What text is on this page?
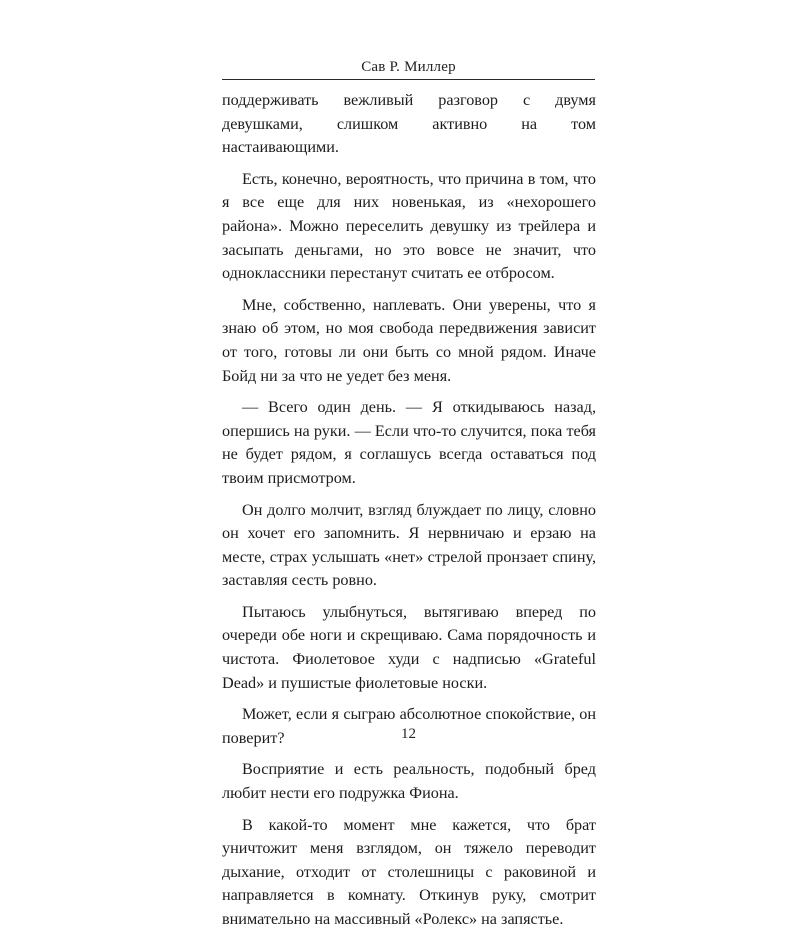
Сав Р. Миллер

поддерживать вежливый разговор с двумя девушками, слишком активно на том настаивающими.

Есть, конечно, вероятность, что причина в том, что я все еще для них новенькая, из «нехорошего района». Можно переселить девушку из трейлера и засыпать деньгами, но это вовсе не значит, что одноклассники перестанут считать ее отбросом.

Мне, собственно, наплевать. Они уверены, что я знаю об этом, но моя свобода передвижения зависит от того, готовы ли они быть со мной рядом. Иначе Бойд ни за что не уедет без меня.

— Всего один день. — Я откидываюсь назад, опершись на руки. — Если что-то случится, пока тебя не будет рядом, я соглашусь всегда оставаться под твоим присмотром.

Он долго молчит, взгляд блуждает по лицу, словно он хочет его запомнить. Я нервничаю и ерзаю на месте, страх услышать «нет» стрелой пронзает спину, заставляя сесть ровно.

Пытаюсь улыбнуться, вытягиваю вперед по очереди обе ноги и скрещиваю. Сама порядочность и чистота. Фиолетовое худи с надписью «Grateful Dead» и пушистые фиолетовые носки.

Может, если я сыграю абсолютное спокойствие, он поверит?

Восприятие и есть реальность, подобный бред любит нести его подружка Фиона.

В какой-то момент мне кажется, что брат уничтожит меня взглядом, он тяжело переводит дыхание, отходит от столешницы с раковиной и направляется в комнату. Откинув руку, смотрит внимательно на массивный «Ролекс» на запястье.

12
